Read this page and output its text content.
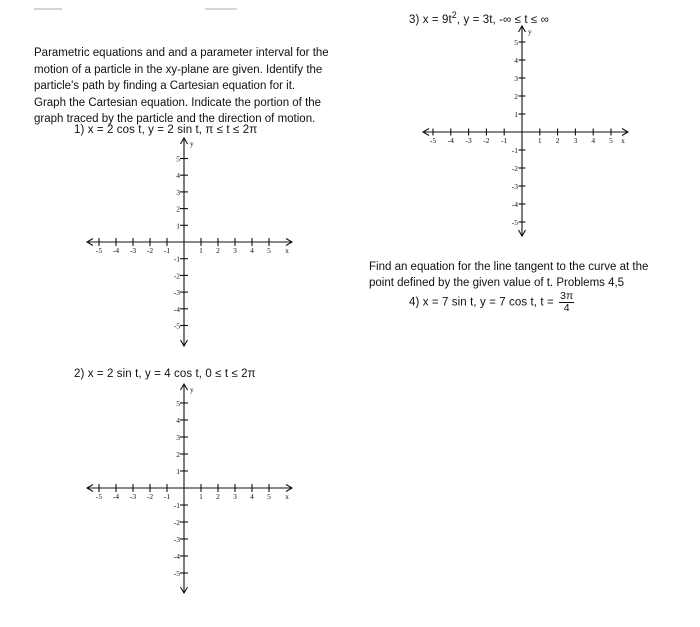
Parametric equations and and a parameter interval for the
motion of a particle in the xy-plane are given. Identify the
particle's path by finding a Cartesian equation for it.
Graph the Cartesian equation. Indicate the portion of the
graph traced by the particle and the direction of motion.
1) x = 2 cos t, y = 2 sin t, π ≤ t ≤ 2π
2) x = 2 sin t, y = 4 cos t, 0 ≤ t ≤ 2π
3) $x = 9t^2$, y = 3t, -∞ ≤ t ≤ ∞
Find an equation for the line tangent to the curve at the
point defined by the given value of t. Problems 4,5
4) x = 7 sin t, y = 7 cos t, $t = \frac{3\pi}{4}$
-5 -4 -3 -2 -1	1 2 3 4 5
5
4
3
2
1
-1
-2
-3
-4
-5
x
y
-5 -4 -3 -2 -1	1 2 3 4 5
5
4
3
2
1
-1
-2
-3
-4
-5
x
y
-5 -4 -3 -2 -1	1 2 3 4 5
5
4
3
2
1
-1
-2
-3
-4
-5
x
y
